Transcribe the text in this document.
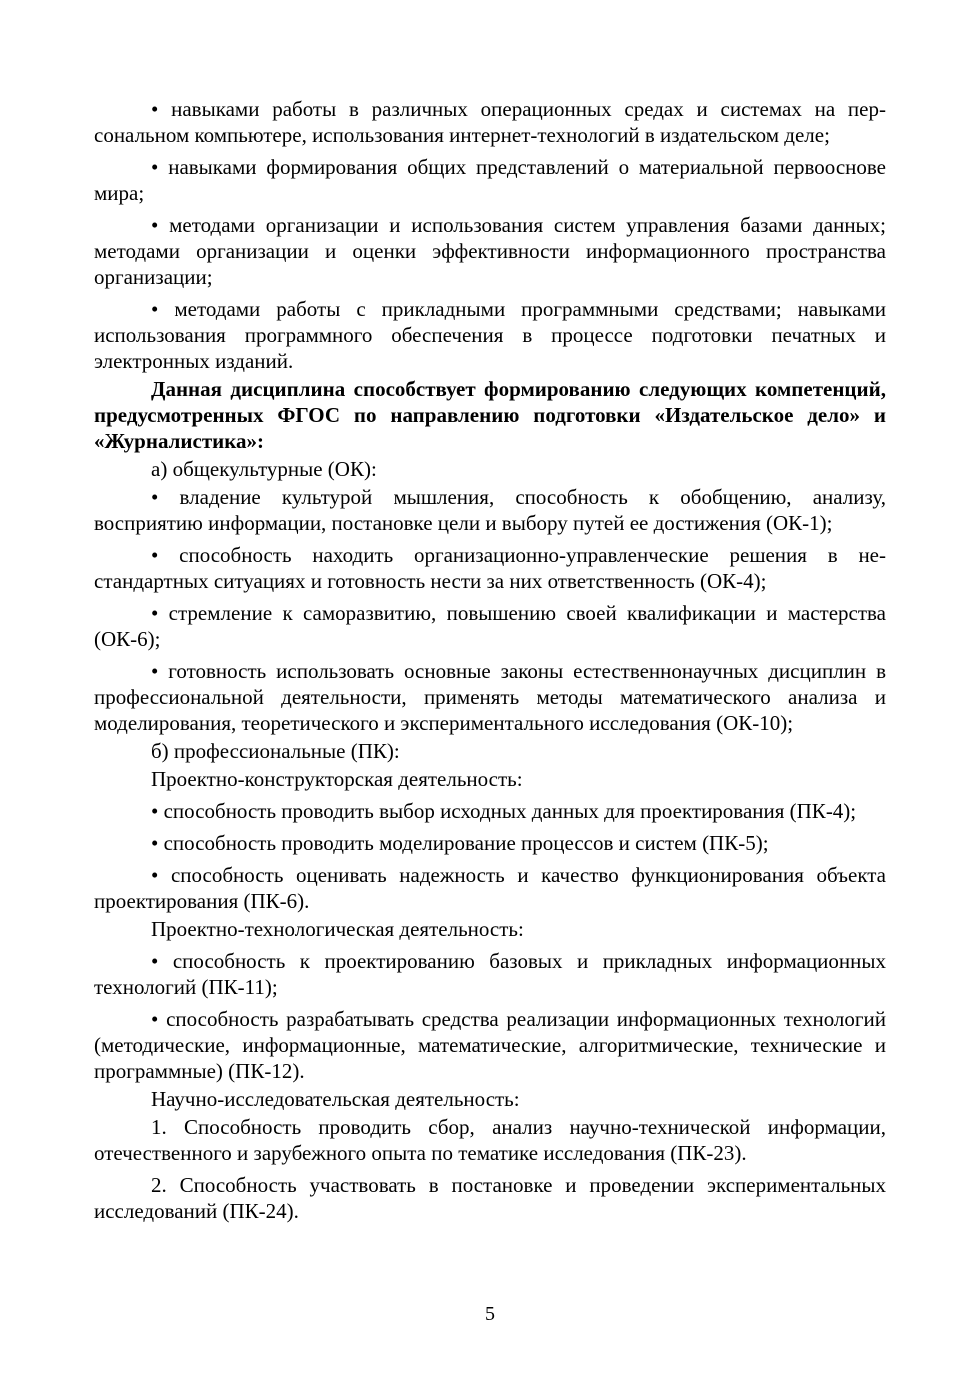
• навыками работы в различных операционных средах и системах на персональном компьютере, использования интернет-технологий в издательском деле;

• навыками формирования общих представлений о материальной первооснове мира;

• методами организации и использования систем управления базами данных; методами организации и оценки эффективности информационного пространства организации;

• методами работы с прикладными программными средствами; навыками использования программного обеспечения в процессе подготовки печатных и электронных изданий.

Данная дисциплина способствует формированию следующих компетенций, предусмотренных ФГОС по направлению подготовки «Издательское дело» и «Журналистика»:

а) общекультурные (ОК):

• владение культурой мышления, способность к обобщению, анализу, восприятию информации, постановке цели и выбору путей ее достижения (ОК-1);

• способность находить организационно-управленческие решения в нестандартных ситуациях и готовность нести за них ответственность (ОК-4);

• стремление к саморазвитию, повышению своей квалификации и мастерства (ОК-6);

• готовность использовать основные законы естественнонаучных дисциплин в профессиональной деятельности, применять методы математического анализа и моделирования, теоретического и экспериментального исследования (ОК-10);

б) профессиональные (ПК):

Проектно-конструкторская деятельность:

• способность проводить выбор исходных данных для проектирования (ПК-4);

• способность проводить моделирование процессов и систем (ПК-5);

• способность оценивать надежность и качество функционирования объекта проектирования (ПК-6).

Проектно-технологическая деятельность:

• способность к проектированию базовых и прикладных информационных технологий (ПК-11);

• способность разрабатывать средства реализации информационных технологий (методические, информационные, математические, алгоритмические, технические и программные) (ПК-12).

Научно-исследовательская деятельность:

1. Способность проводить сбор, анализ научно-технической информации, отечественного и зарубежного опыта по тематике исследования (ПК-23).

2. Способность участвовать в постановке и проведении экспериментальных исследований (ПК-24).

5
